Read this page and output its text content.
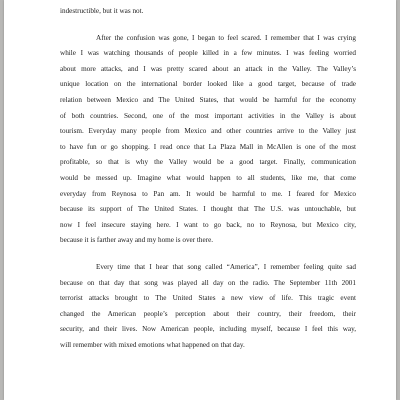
indestructible, but it was not.
After the confusion was gone, I began to feel scared. I remember that I was crying
while I was watching thousands of people killed in a few minutes. I was feeling worried
about more attacks, and I was pretty scared about an attack in the Valley. The Valley’s
unique location on the international border looked like a good target, because of trade
relation between Mexico and The United States, that would be harmful for the economy
of both countries. Second, one of the most important activities in the Valley is about
tourism. Everyday many people from Mexico and other countries arrive to the Valley just
to have fun or go shopping. I read once that La Plaza Mall in McAllen is one of the most
profitable, so that is why the Valley would be a good target. Finally, communication
would be messed up. Imagine what would happen to all students, like me, that come
everyday from Reynosa to Pan am. It would be harmful to me. I feared for Mexico
because its support of The United States. I thought that The U.S. was untouchable, but
now I feel insecure staying here. I want to go back, no to Reynosa, but Mexico city,
because it is farther away and my home is over there.
Every time that I hear that song called “America”, I remember feeling quite sad
because on that day that song was played all day on the radio. The September 11th 2001
terrorist attacks brought to The United States a new view of life. This tragic event
changed the American people’s perception about their country, their freedom, their
security, and their lives. Now American people, including myself, because I feel this way,
will remember with mixed emotions what happened on that day.
